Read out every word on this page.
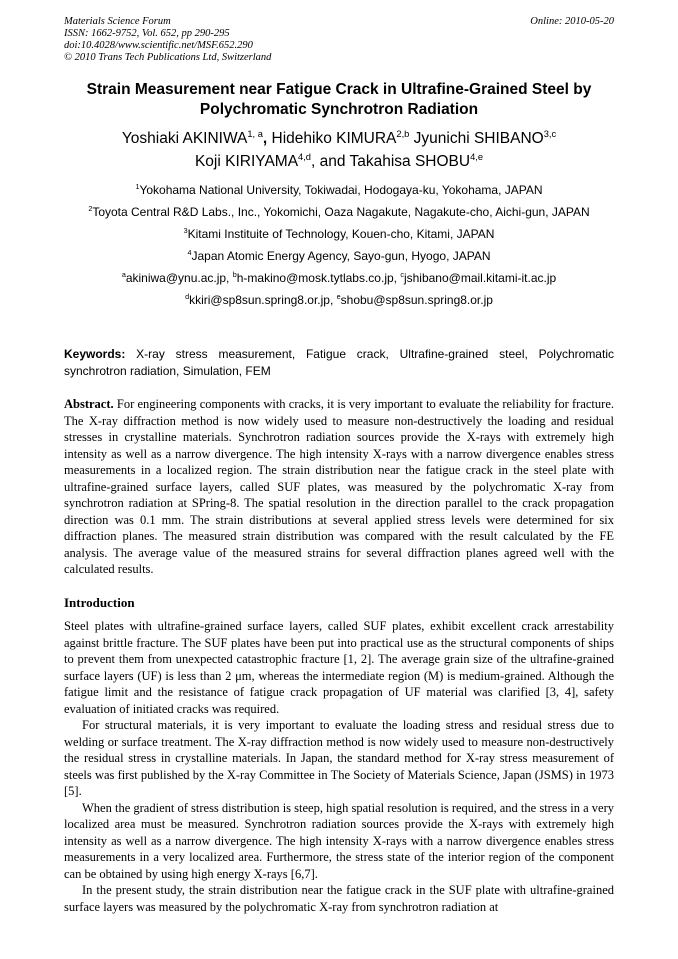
Materials Science Forum
ISSN: 1662-9752, Vol. 652, pp 290-295
doi:10.4028/www.scientific.net/MSF.652.290
© 2010 Trans Tech Publications Ltd, Switzerland
Online: 2010-05-20
Strain Measurement near Fatigue Crack in Ultrafine-Grained Steel by Polychromatic Synchrotron Radiation
Yoshiaki AKINIWA$^{1, a}$, Hidehiko KIMURA$^{2,b}$ Jyunichi SHIBANO$^{3,c}$
Koji KIRIYAMA$^{4,d}$, and Takahisa SHOBU$^{4,e}$
$^1$Yokohama National University, Tokiwadai, Hodogaya-ku, Yokohama, JAPAN
$^2$Toyota Central R&D Labs., Inc., Yokomichi, Oaza Nagakute, Nagakute-cho, Aichi-gun, JAPAN
$^3$Kitami Instituite of Technology, Kouen-cho, Kitami, JAPAN
$^4$Japan Atomic Energy Agency, Sayo-gun, Hyogo, JAPAN
$^a$akiniwa@ynu.ac.jp, $^b$h-makino@mosk.tytlabs.co.jp, $^c$jshibano@mail.kitami-it.ac.jp
$^d$kkiri@sp8sun.spring8.or.jp, $^e$shobu@sp8sun.spring8.or.jp
Keywords: X-ray stress measurement, Fatigue crack, Ultrafine-grained steel, Polychromatic synchrotron radiation, Simulation, FEM
Abstract. For engineering components with cracks, it is very important to evaluate the reliability for fracture. The X-ray diffraction method is now widely used to measure non-destructively the loading and residual stresses in crystalline materials. Synchrotron radiation sources provide the X-rays with extremely high intensity as well as a narrow divergence. The high intensity X-rays with a narrow divergence enables stress measurements in a localized region. The strain distribution near the fatigue crack in the steel plate with ultrafine-grained surface layers, called SUF plates, was measured by the polychromatic X-ray from synchrotron radiation at SPring-8. The spatial resolution in the direction parallel to the crack propagation direction was 0.1 mm. The strain distributions at several applied stress levels were determined for six diffraction planes. The measured strain distribution was compared with the result calculated by the FE analysis. The average value of the measured strains for several diffraction planes agreed well with the calculated results.
Introduction

Steel plates with ultrafine-grained surface layers, called SUF plates, exhibit excellent crack arrestability against brittle fracture. The SUF plates have been put into practical use as the structural components of ships to prevent them from unexpected catastrophic fracture [1, 2]. The average grain size of the ultrafine-grained surface layers (UF) is less than 2 μm, whereas the intermediate region (M) is medium-grained. Although the fatigue limit and the resistance of fatigue crack propagation of UF material was clarified [3, 4], safety evaluation of initiated cracks was required.

For structural materials, it is very important to evaluate the loading stress and residual stress due to welding or surface treatment. The X-ray diffraction method is now widely used to measure non-destructively the residual stress in crystalline materials. In Japan, the standard method for X-ray stress measurement of steels was first published by the X-ray Committee in The Society of Materials Science, Japan (JSMS) in 1973 [5].

When the gradient of stress distribution is steep, high spatial resolution is required, and the stress in a very localized area must be measured. Synchrotron radiation sources provide the X-rays with extremely high intensity as well as a narrow divergence. The high intensity X-rays with a narrow divergence enables stress measurements in a very localized area. Furthermore, the stress state of the interior region of the component can be obtained by using high energy X-rays [6,7].

In the present study, the strain distribution near the fatigue crack in the SUF plate with ultrafine-grained surface layers was measured by the polychromatic X-ray from synchrotron radiation at
